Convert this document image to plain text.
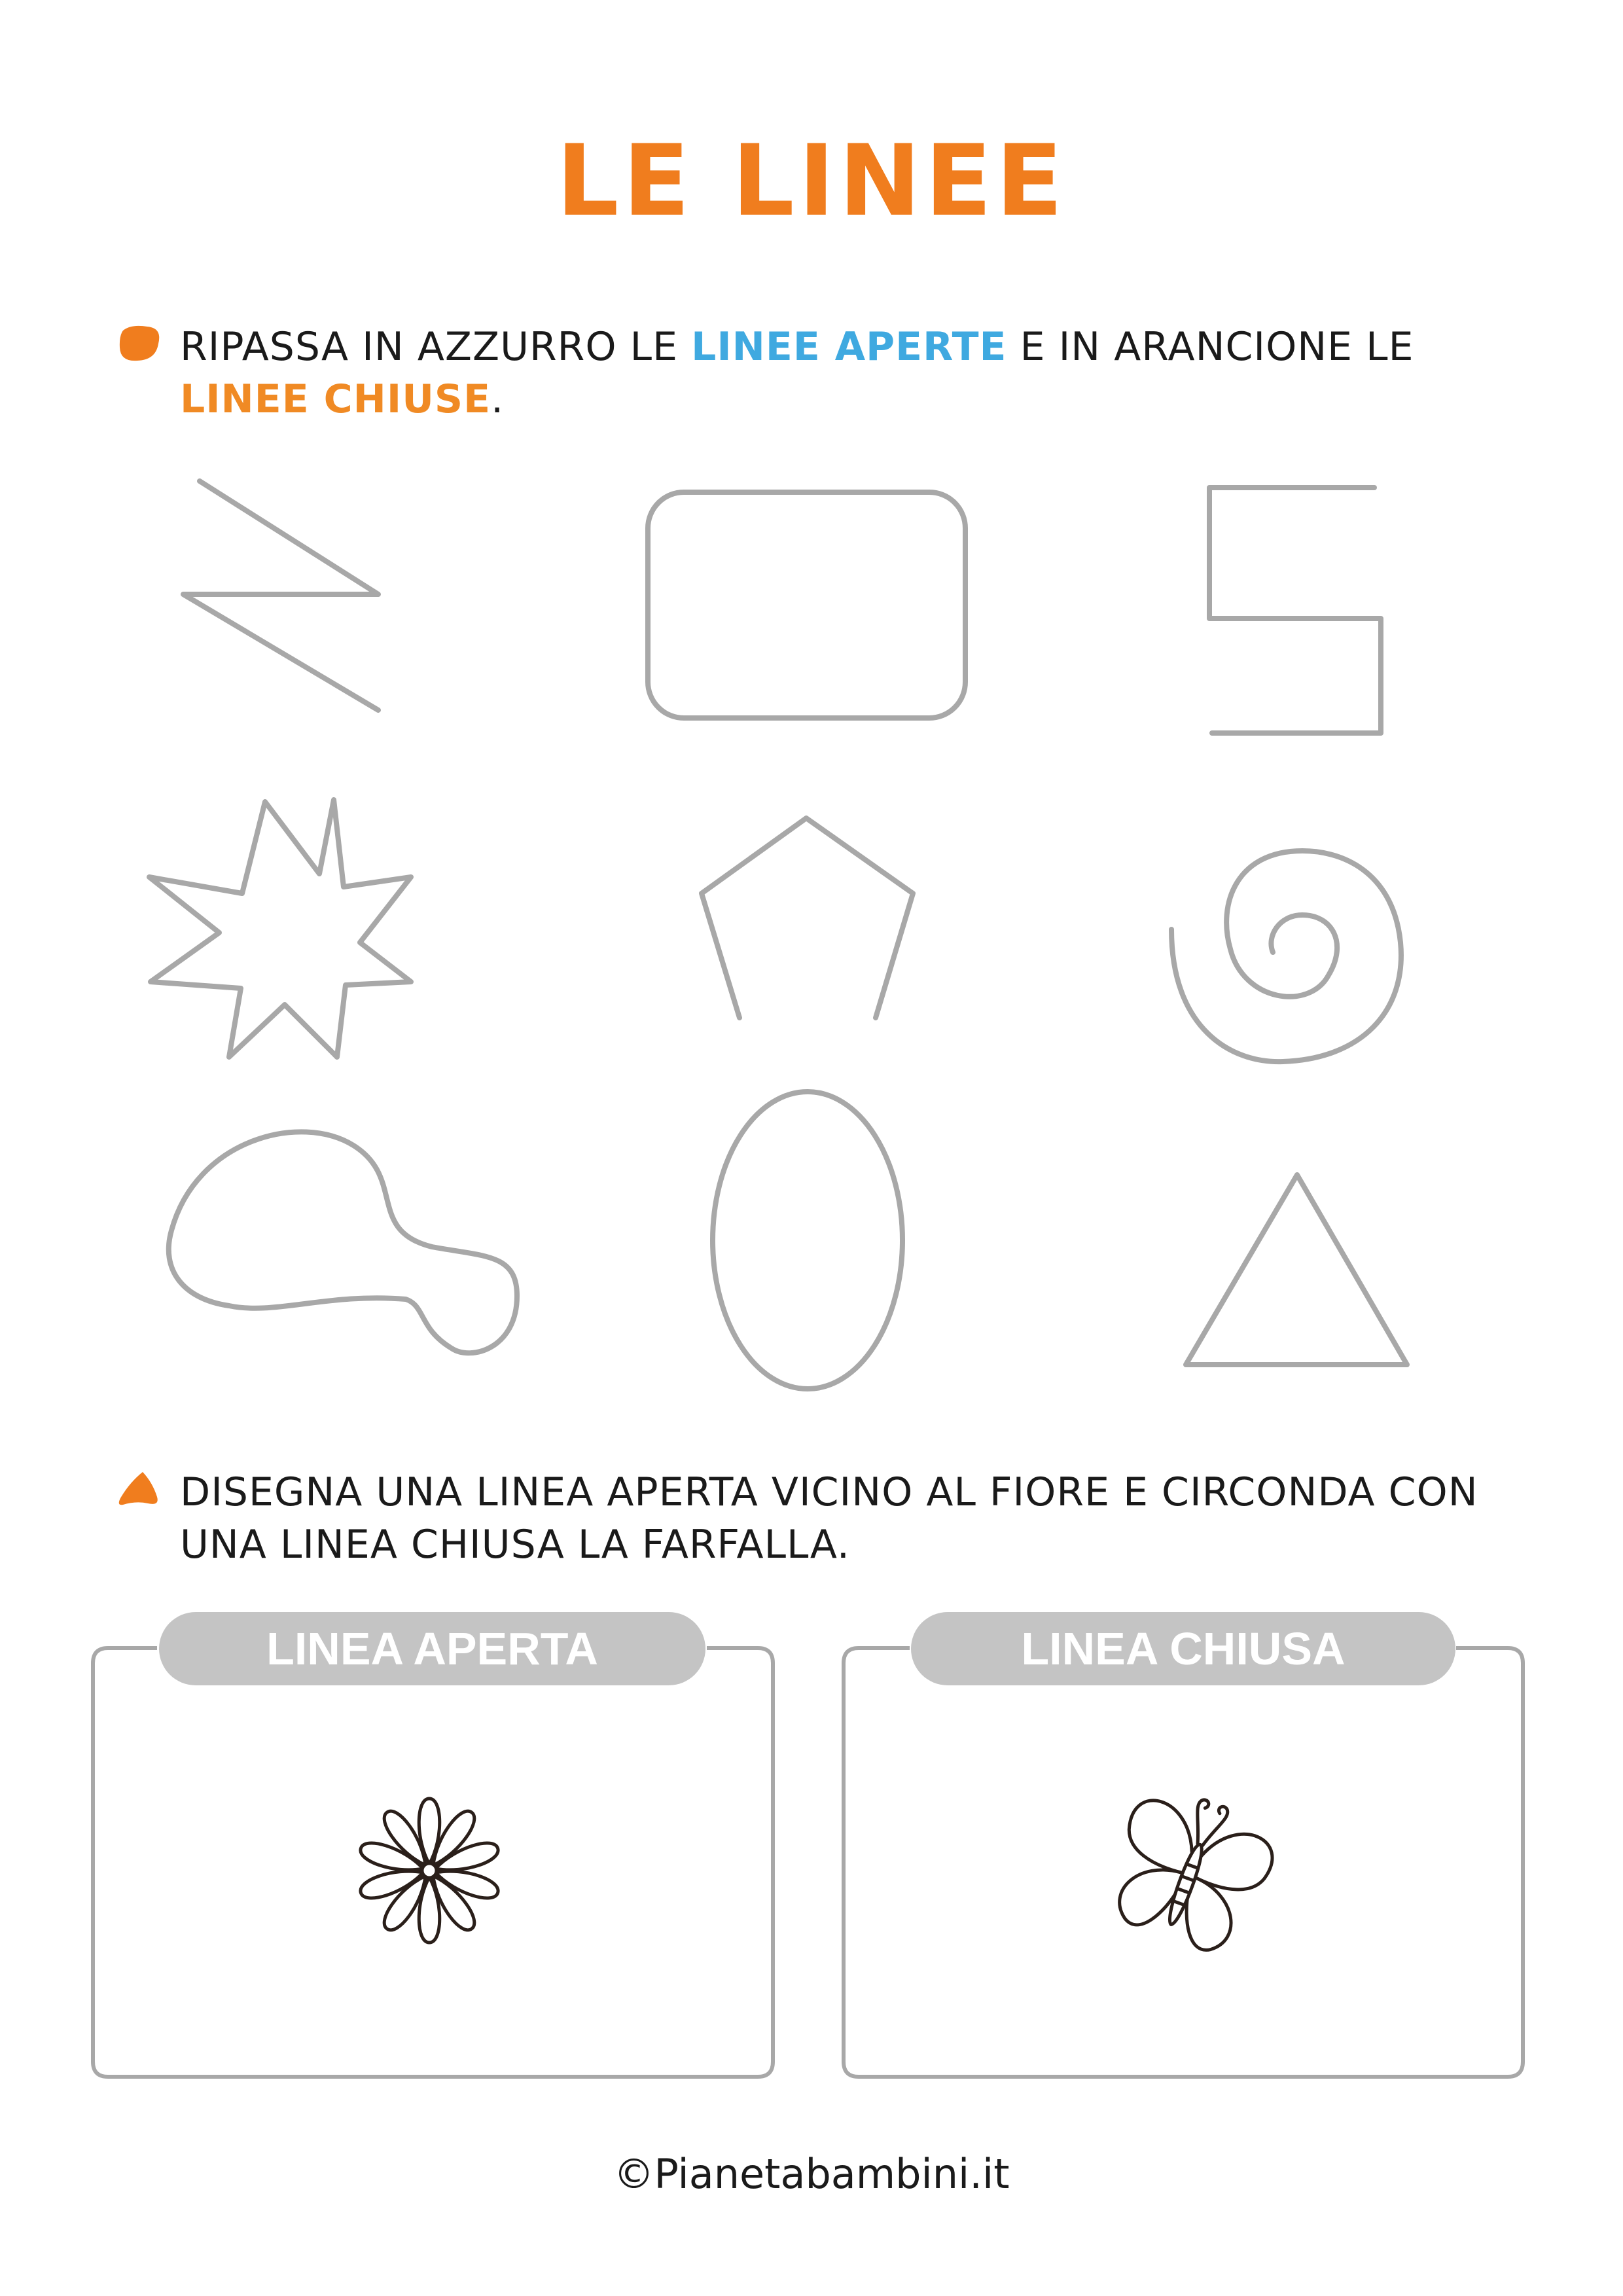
LE LINEE

RIPASSA IN AZZURRO LE LINEE APERTE E IN ARANCIONE LE
LINEE CHIUSE.

DISEGNA UNA LINEA APERTA VICINO AL FIORE E CIRCONDA CON
UNA LINEA CHIUSA LA FARFALLA.

LINEA APERTA	LINEA CHIUSA

©Pianetabambini.it
